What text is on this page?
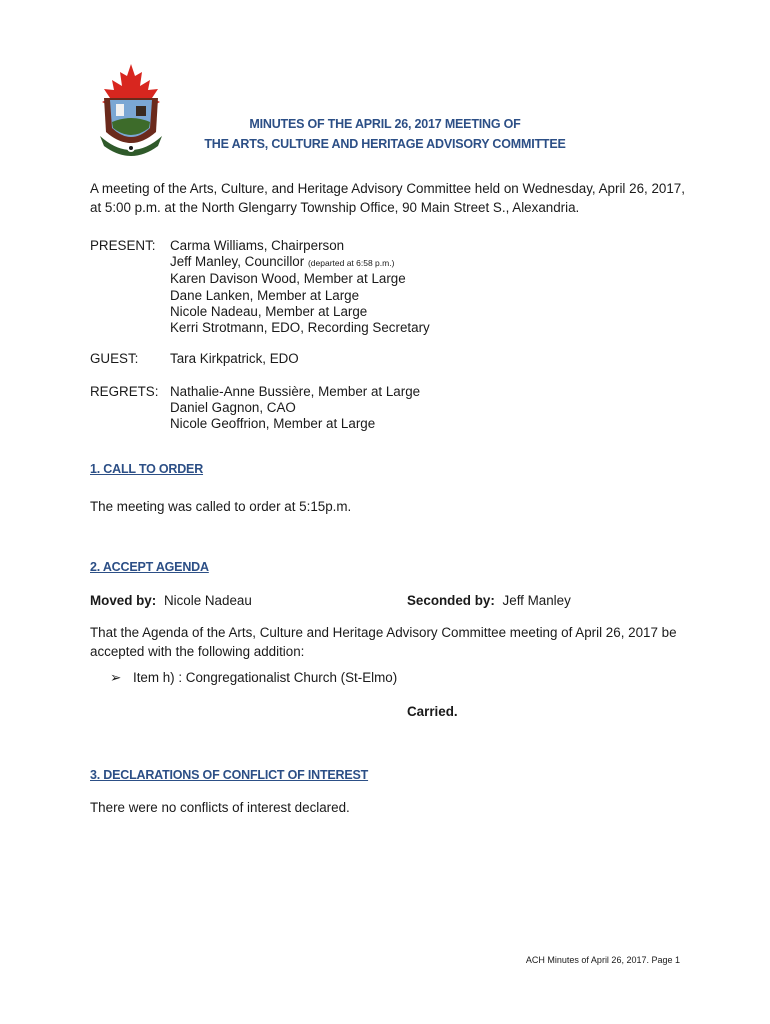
MINUTES OF THE APRIL 26, 2017 MEETING OF
THE ARTS, CULTURE AND HERITAGE ADVISORY COMMITTEE
A meeting of the Arts, Culture, and Heritage Advisory Committee held on Wednesday, April 26, 2017,
at 5:00 p.m. at the North Glengarry Township Office, 90 Main Street S., Alexandria.
PRESENT: Carma Williams, Chairperson
Jeff Manley, Councillor (departed at 6:58 p.m.)
Karen Davison Wood, Member at Large
Dane Lanken, Member at Large
Nicole Nadeau, Member at Large
Kerri Strotmann, EDO, Recording Secretary
GUEST: Tara Kirkpatrick, EDO
REGRETS: Nathalie-Anne Bussière, Member at Large
Daniel Gagnon, CAO
Nicole Geoffrion, Member at Large
1. CALL TO ORDER
The meeting was called to order at 5:15p.m.
2. ACCEPT AGENDA
Moved by: Nicole Nadeau	Seconded by: Jeff Manley
That the Agenda of the Arts, Culture and Heritage Advisory Committee meeting of April 26, 2017 be
accepted with the following addition:
➢ Item h) : Congregationalist Church (St-Elmo)
Carried.
3. DECLARATIONS OF CONFLICT OF INTEREST
There were no conflicts of interest declared.
ACH Minutes of April 26, 2017. Page 1
